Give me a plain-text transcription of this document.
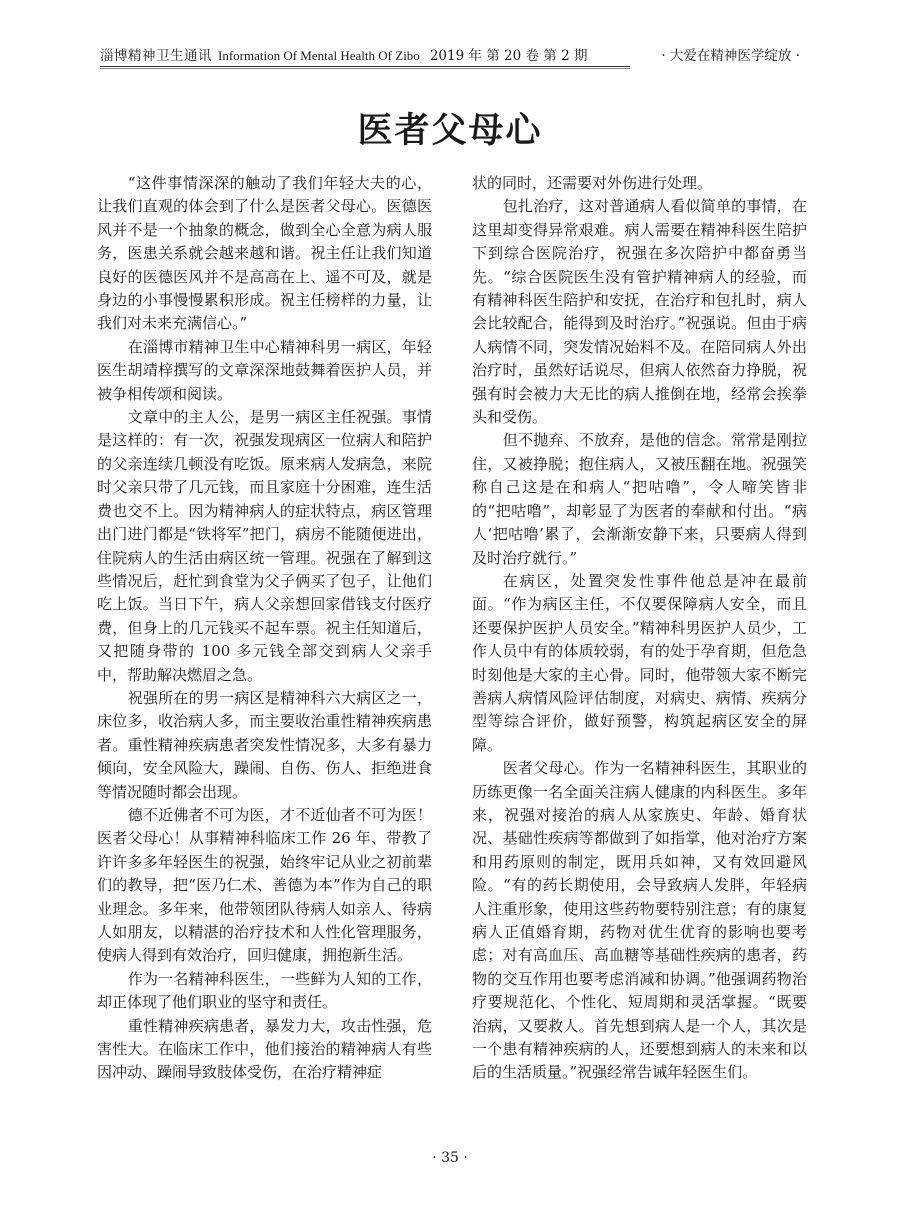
淄博精神卫生通讯 Information Of Mental Health Of Zibo 2019 年 第 20 卷 第 2 期	· 大爱在精神医学绽放 ·
医者父母心

“这件事情深深的触动了我们年轻大夫的心，让我们直观的体会到了什么是医者父母心。医德医风并不是一个抽象的概念，做到全心全意为病人服务，医患关系就会越来越和谐。祝主任让我们知道良好的医德医风并不是高高在上、遥不可及，就是身边的小事慢慢累积形成。祝主任榜样的力量，让我们对未来充满信心。”

在淄博市精神卫生中心精神科男一病区，年轻医生胡靖梓撰写的文章深深地鼓舞着医护人员，并被争相传颂和阅读。

文章中的主人公，是男一病区主任祝强。事情是这样的：有一次，祝强发现病区一位病人和陪护的父亲连续几顿没有吃饭。原来病人发病急，来院时父亲只带了几元钱，而且家庭十分困难，连生活费也交不上。因为精神病人的症状特点，病区管理出门进门都是“铁将军”把门，病房不能随便进出，住院病人的生活由病区统一管理。祝强在了解到这些情况后，赶忙到食堂为父子俩买了包子，让他们吃上饭。当日下午，病人父亲想回家借钱支付医疗费，但身上的几元钱买不起车票。祝主任知道后，又把随身带的 100 多元钱全部交到病人父亲手中，帮助解决燃眉之急。

祝强所在的男一病区是精神科六大病区之一，床位多，收治病人多，而主要收治重性精神疾病患者。重性精神疾病患者突发性情况多，大多有暴力倾向，安全风险大，躁闹、自伤、伤人、拒绝进食等情况随时都会出现。

德不近佛者不可为医，才不近仙者不可为医！医者父母心！从事精神科临床工作 26 年、带教了许许多多年轻医生的祝强，始终牢记从业之初前辈们的教导，把“医乃仁术、善德为本”作为自己的职业理念。多年来，他带领团队待病人如亲人、待病人如朋友，以精湛的治疗技术和人性化管理服务，使病人得到有效治疗，回归健康，拥抱新生活。

作为一名精神科医生，一些鲜为人知的工作，却正体现了他们职业的坚守和责任。

重性精神疾病患者，暴发力大，攻击性强，危害性大。在临床工作中，他们接治的精神病人有些因冲动、躁闹导致肢体受伤，在治疗精神症

状的同时，还需要对外伤进行处理。

包扎治疗，这对普通病人看似简单的事情，在这里却变得异常艰难。病人需要在精神科医生陪护下到综合医院治疗，祝强在多次陪护中都奋勇当先。“综合医院医生没有管护精神病人的经验，而有精神科医生陪护和安抚，在治疗和包扎时，病人会比较配合，能得到及时治疗。”祝强说。但由于病人病情不同，突发情况始料不及。在陪同病人外出治疗时，虽然好话说尽，但病人依然奋力挣脱，祝强有时会被力大无比的病人推倒在地，经常会挨拳头和受伤。

但不抛弃、不放弃，是他的信念。常常是刚拉住，又被挣脱；抱住病人，又被压翻在地。祝强笑称自己这是在和病人“把咕噜”，令人啼笑皆非的“把咕噜”，却彰显了为医者的奉献和付出。“病人‘把咕噜’累了，会渐渐安静下来，只要病人得到及时治疗就行。”

在病区，处置突发性事件他总是冲在最前面。“作为病区主任，不仅要保障病人安全，而且还要保护医护人员安全。”精神科男医护人员少，工作人员中有的体质较弱，有的处于孕育期，但危急时刻他是大家的主心骨。同时，他带领大家不断完善病人病情风险评估制度，对病史、病情、疾病分型等综合评价，做好预警，构筑起病区安全的屏障。

医者父母心。作为一名精神科医生，其职业的历练更像一名全面关注病人健康的内科医生。多年来，祝强对接治的病人从家族史、年龄、婚育状况、基础性疾病等都做到了如指掌，他对治疗方案和用药原则的制定，既用兵如神，又有效回避风险。“有的药长期使用，会导致病人发胖，年轻病人注重形象，使用这些药物要特别注意；有的康复病人正值婚育期，药物对优生优育的影响也要考虑；对有高血压、高血糖等基础性疾病的患者，药物的交互作用也要考虑消减和协调。”他强调药物治疗要规范化、个性化、短周期和灵活掌握。“既要治病，又要救人。首先想到病人是一个人，其次是一个患有精神疾病的人，还要想到病人的未来和以后的生活质量。”祝强经常告诫年轻医生们。

· 35 ·
